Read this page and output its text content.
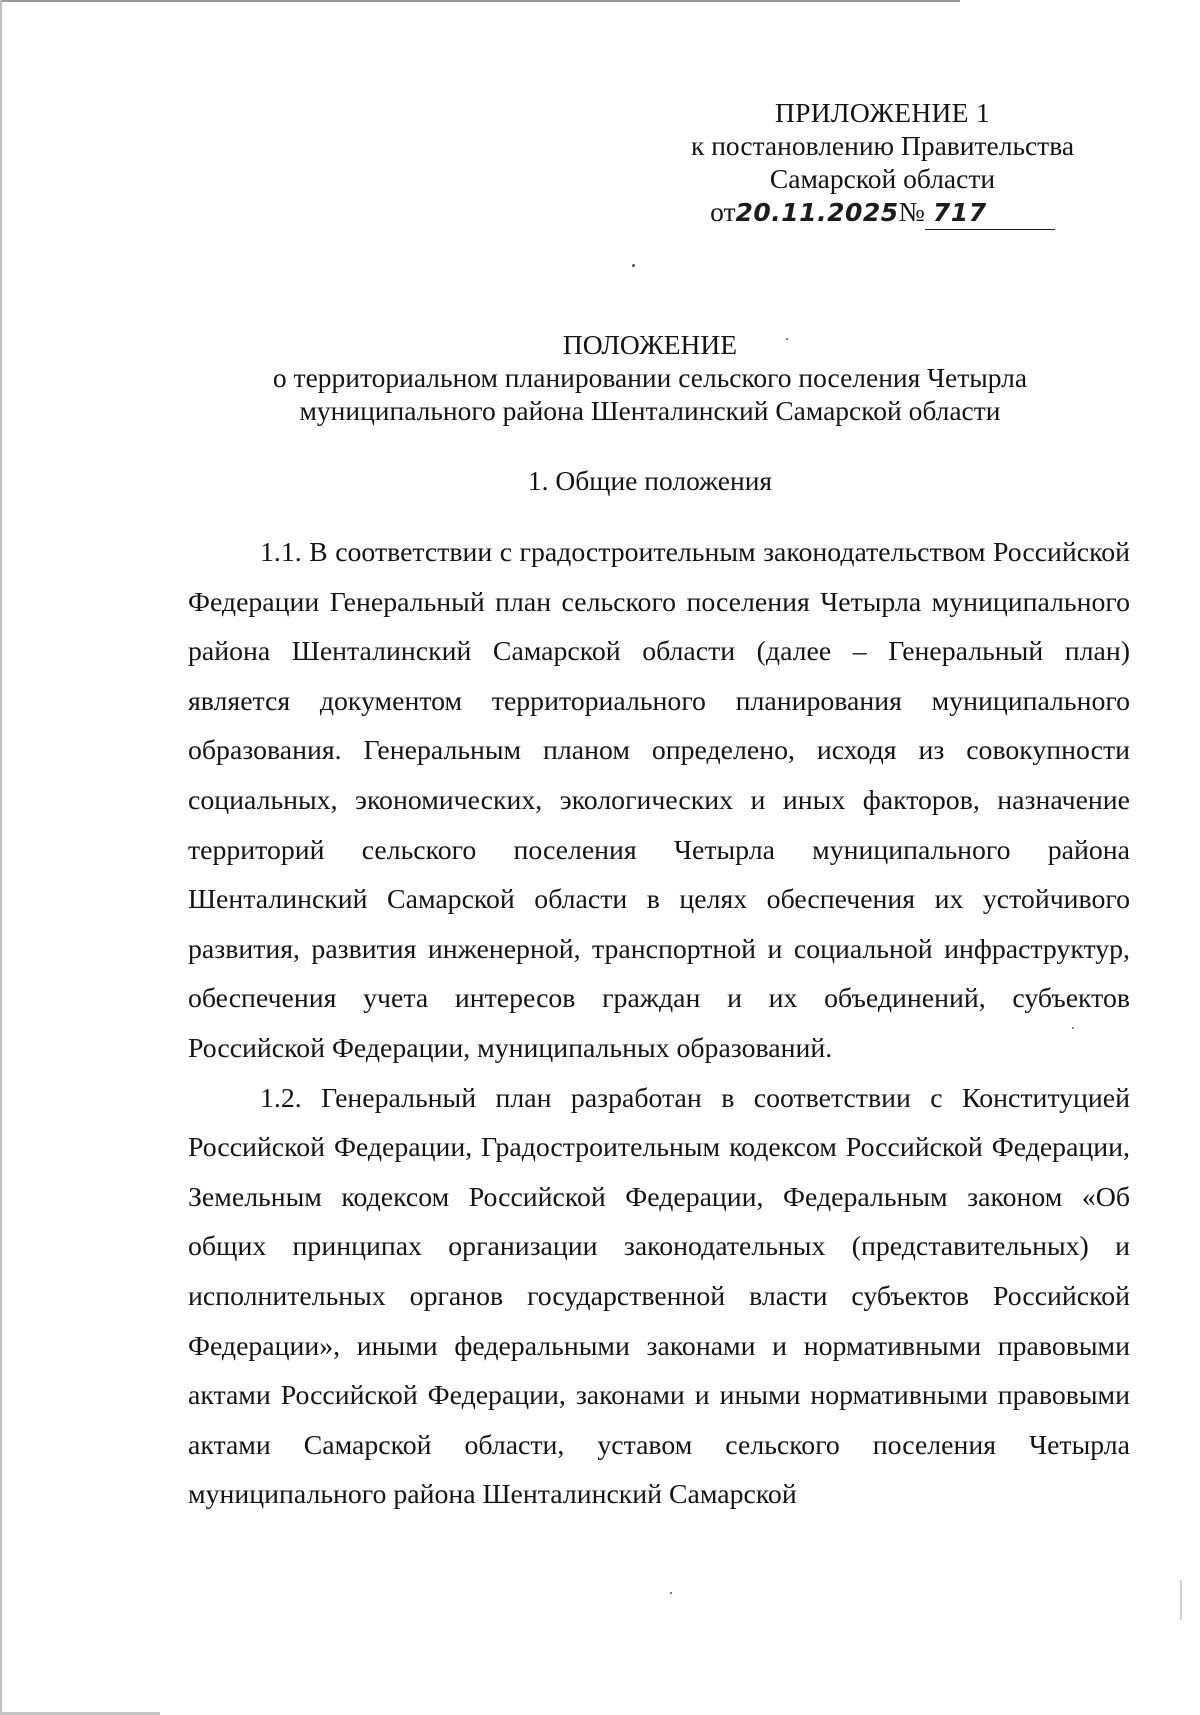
ПРИЛОЖЕНИЕ 1
к постановлению Правительства
Самарской области
от20.11.2025№ 717
ПОЛОЖЕНИЕ
о территориальном планировании сельского поселения Четырла
муниципального района Шенталинский Самарской области
1. Общие положения

1.1. В соответствии с градостроительным законодательством Российской Федерации Генеральный план сельского поселения Четырла муниципального района Шенталинский Самарской области (далее – Генеральный план) является документом территориального планирования муниципального образования. Генеральным планом определено, исходя из совокупности социальных, экономических, экологических и иных факторов, назначение территорий сельского поселения Четырла муниципального района Шенталинский Самарской области в целях обеспечения их устойчивого развития, развития инженерной, транспортной и социальной инфраструктур, обеспечения учета интересов граждан и их объединений, субъектов Российской Федерации, муниципальных образований.

1.2. Генеральный план разработан в соответствии с Конституцией Российской Федерации, Градостроительным кодексом Российской Федерации, Земельным кодексом Российской Федерации, Федеральным законом «Об общих принципах организации законодательных (представительных) и исполнительных органов государственной власти субъектов Российской Федерации», иными федеральными законами и нормативными правовыми актами Российской Федерации, законами и иными нормативными правовыми актами Самарской области, уставом сельского поселения Четырла муниципального района Шенталинский Самарской
